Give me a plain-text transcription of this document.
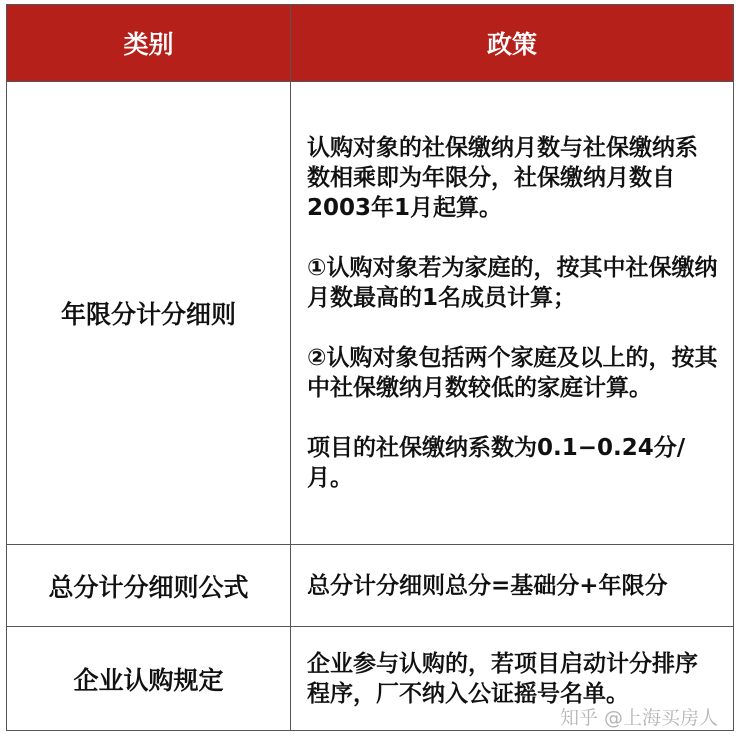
类别	政策
年限分计分细则	认购对象的社保缴纳月数与社保缴纳系数相乘即为年限分，社保缴纳月数自2003年1月起算。

①认购对象若为家庭的，按其中社保缴纳月数最高的1名成员计算；

②认购对象包括两个家庭及以上的，按其中社保缴纳月数较低的家庭计算。

项目的社保缴纳系数为0.1−0.24分/月。

总分计分细则公式	总分计分细则总分=基础分+年限分

企业认购规定	企业参与认购的，若项目启动计分排序程序，厂不纳入公证摇号名单。

知乎 @上海买房人
